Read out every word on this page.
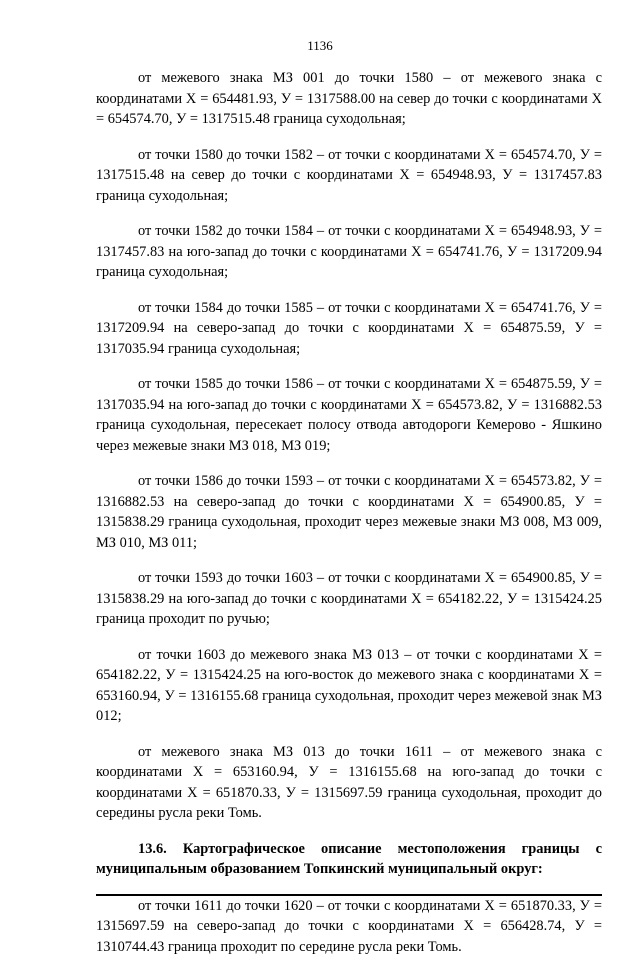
1136

от межевого знака МЗ 001 до точки 1580 – от межевого знака с координатами Х = 654481.93, У = 1317588.00 на север до точки с координатами Х = 654574.70, У = 1317515.48 граница суходольная;

от точки 1580 до точки 1582 – от точки с координатами Х = 654574.70, У = 1317515.48 на север до точки с координатами Х = 654948.93, У = 1317457.83 граница суходольная;

от точки 1582 до точки 1584 – от точки с координатами Х = 654948.93, У = 1317457.83 на юго-запад до точки с координатами Х = 654741.76, У = 1317209.94 граница суходольная;

от точки 1584 до точки 1585 – от точки с координатами Х = 654741.76, У = 1317209.94 на северо-запад до точки с координатами Х = 654875.59, У = 1317035.94 граница суходольная;

от точки 1585 до точки 1586 – от точки с координатами Х = 654875.59, У = 1317035.94 на юго-запад до точки с координатами Х = 654573.82, У = 1316882.53 граница суходольная, пересекает полосу отвода автодороги Кемерово - Яшкино через межевые знаки МЗ 018, МЗ 019;

от точки 1586 до точки 1593 – от точки с координатами Х = 654573.82, У = 1316882.53 на северо-запад до точки с координатами Х = 654900.85, У = 1315838.29 граница суходольная, проходит через межевые знаки МЗ 008, МЗ 009, МЗ 010, МЗ 011;

от точки 1593 до точки 1603 – от точки с координатами Х = 654900.85, У = 1315838.29 на юго-запад до точки с координатами Х = 654182.22, У = 1315424.25 граница проходит по ручью;

от точки 1603 до межевого знака МЗ 013 – от точки с координатами Х = 654182.22, У = 1315424.25 на юго-восток до межевого знака с координатами Х = 653160.94, У = 1316155.68 граница суходольная, проходит через межевой знак МЗ 012;

от межевого знака МЗ 013 до точки 1611 – от межевого знака с координатами Х = 653160.94, У = 1316155.68 на юго-запад до точки с координатами Х = 651870.33, У = 1315697.59 граница суходольная, проходит до середины русла реки Томь.

13.6. Картографическое описание местоположения границы с муниципальным образованием Топкинский муниципальный округ:

от точки 1611 до точки 1620 – от точки с координатами Х = 651870.33, У = 1315697.59 на северо-запад до точки с координатами Х = 656428.74, У = 1310744.43 граница проходит по середине русла реки Томь.
